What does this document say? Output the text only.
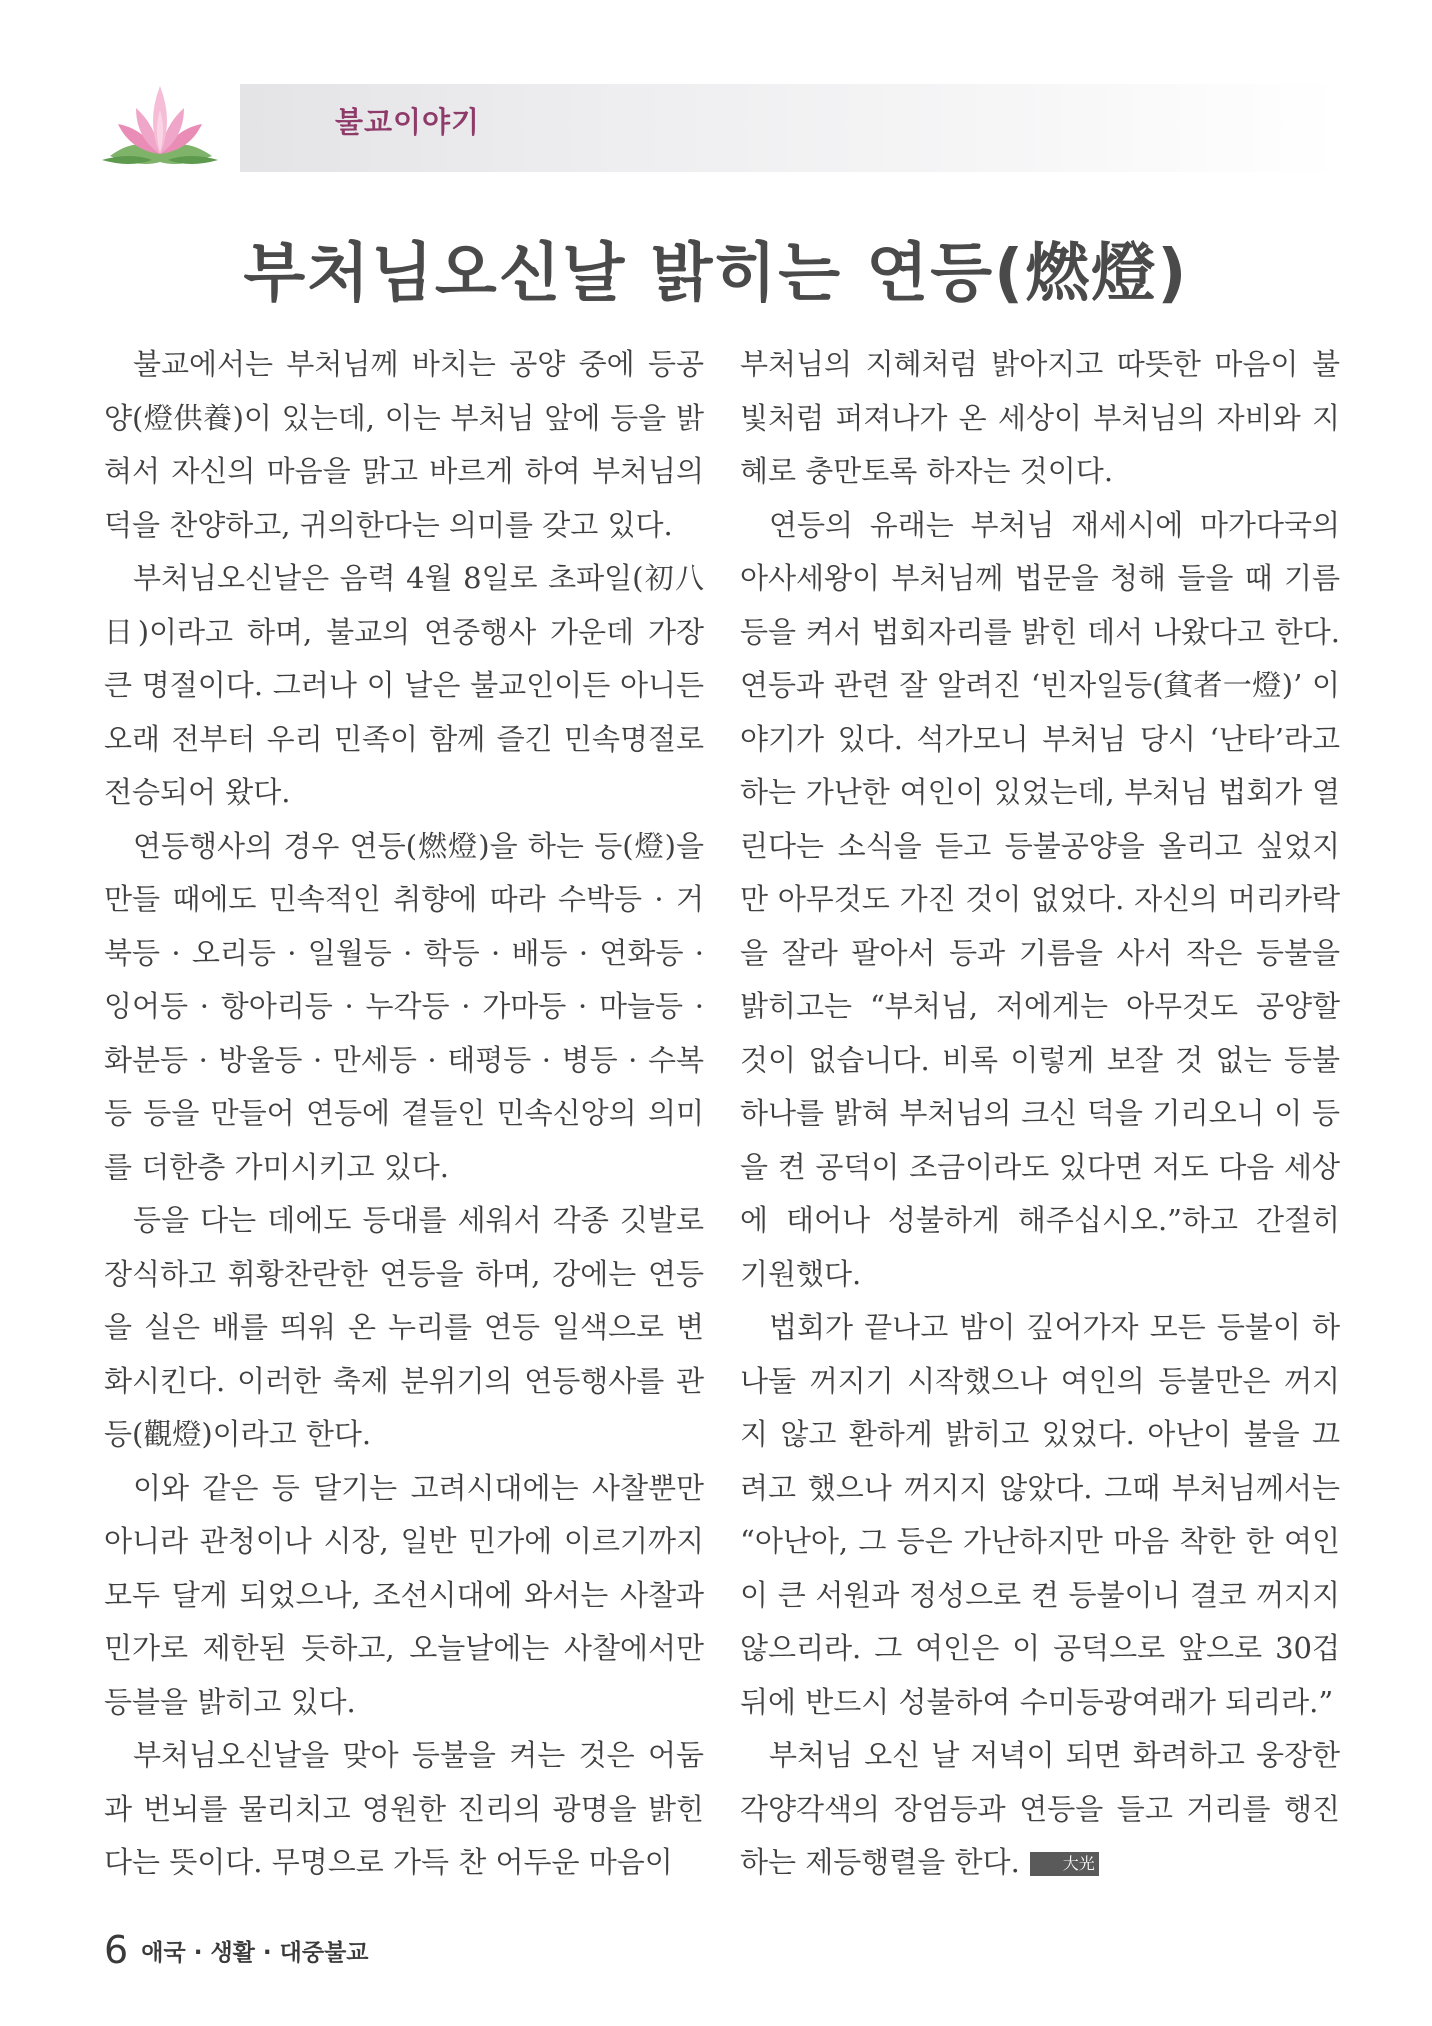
불교이야기
부처님오신날 밝히는 연등(燃燈)

불교에서는 부처님께 바치는 공양 중에 등공양(燈供養)이 있는데, 이는 부처님 앞에 등을 밝혀서 자신의 마음을 맑고 바르게 하여 부처님의 덕을 찬양하고, 귀의한다는 의미를 갖고 있다.

부처님오신날은 음력 4월 8일로 초파일(初八日)이라고 하며, 불교의 연중행사 가운데 가장 큰 명절이다. 그러나 이 날은 불교인이든 아니든 오래 전부터 우리 민족이 함께 즐긴 민속명절로 전승되어 왔다.

연등행사의 경우 연등(燃燈)을 하는 등(燈)을 만들 때에도 민속적인 취향에 따라 수박등 · 거북등 · 오리등 · 일월등 · 학등 · 배등 · 연화등 · 잉어등 · 항아리등 · 누각등 · 가마등 · 마늘등 · 화분등 · 방울등 · 만세등 · 태평등 · 병등 · 수복등 등을 만들어 연등에 곁들인 민속신앙의 의미를 더한층 가미시키고 있다.

등을 다는 데에도 등대를 세워서 각종 깃발로 장식하고 휘황찬란한 연등을 하며, 강에는 연등을 실은 배를 띄워 온 누리를 연등 일색으로 변화시킨다. 이러한 축제 분위기의 연등행사를 관등(觀燈)이라고 한다.

이와 같은 등 달기는 고려시대에는 사찰뿐만 아니라 관청이나 시장, 일반 민가에 이르기까지 모두 달게 되었으나, 조선시대에 와서는 사찰과 민가로 제한된 듯하고, 오늘날에는 사찰에서만 등블을 밝히고 있다.

부처님오신날을 맞아 등불을 켜는 것은 어둠과 번뇌를 물리치고 영원한 진리의 광명을 밝힌다는 뜻이다. 무명으로 가득 찬 어두운 마음이

부처님의 지혜처럼 밝아지고 따뜻한 마음이 불빛처럼 퍼져나가 온 세상이 부처님의 자비와 지혜로 충만토록 하자는 것이다.

연등의 유래는 부처님 재세시에 마가다국의 아사세왕이 부처님께 법문을 청해 들을 때 기름등을 켜서 법회자리를 밝힌 데서 나왔다고 한다. 연등과 관련 잘 알려진 ‘빈자일등(貧者一燈)’ 이야기가 있다. 석가모니 부처님 당시 ‘난타’라고 하는 가난한 여인이 있었는데, 부처님 법회가 열린다는 소식을 듣고 등불공양을 올리고 싶었지만 아무것도 가진 것이 없었다. 자신의 머리카락을 잘라 팔아서 등과 기름을 사서 작은 등불을 밝히고는 “부처님, 저에게는 아무것도 공양할 것이 없습니다. 비록 이렇게 보잘 것 없는 등불 하나를 밝혀 부처님의 크신 덕을 기리오니 이 등을 켠 공덕이 조금이라도 있다면 저도 다음 세상에 태어나 성불하게 해주십시오.”하고 간절히 기원했다.

법회가 끝나고 밤이 깊어가자 모든 등불이 하나둘 꺼지기 시작했으나 여인의 등불만은 꺼지지 않고 환하게 밝히고 있었다. 아난이 불을 끄려고 했으나 꺼지지 않았다. 그때 부처님께서는 “아난아, 그 등은 가난하지만 마음 착한 한 여인이 큰 서원과 정성으로 켠 등불이니 결코 꺼지지 않으리라. 그 여인은 이 공덕으로 앞으로 30겁 뒤에 반드시 성불하여 수미등광여래가 되리라.”

부처님 오신 날 저녁이 되면 화려하고 웅장한 각양각색의 장엄등과 연등을 들고 거리를 행진하는 제등행렬을 한다.	大光

6 애국 · 생활 · 대중불교
